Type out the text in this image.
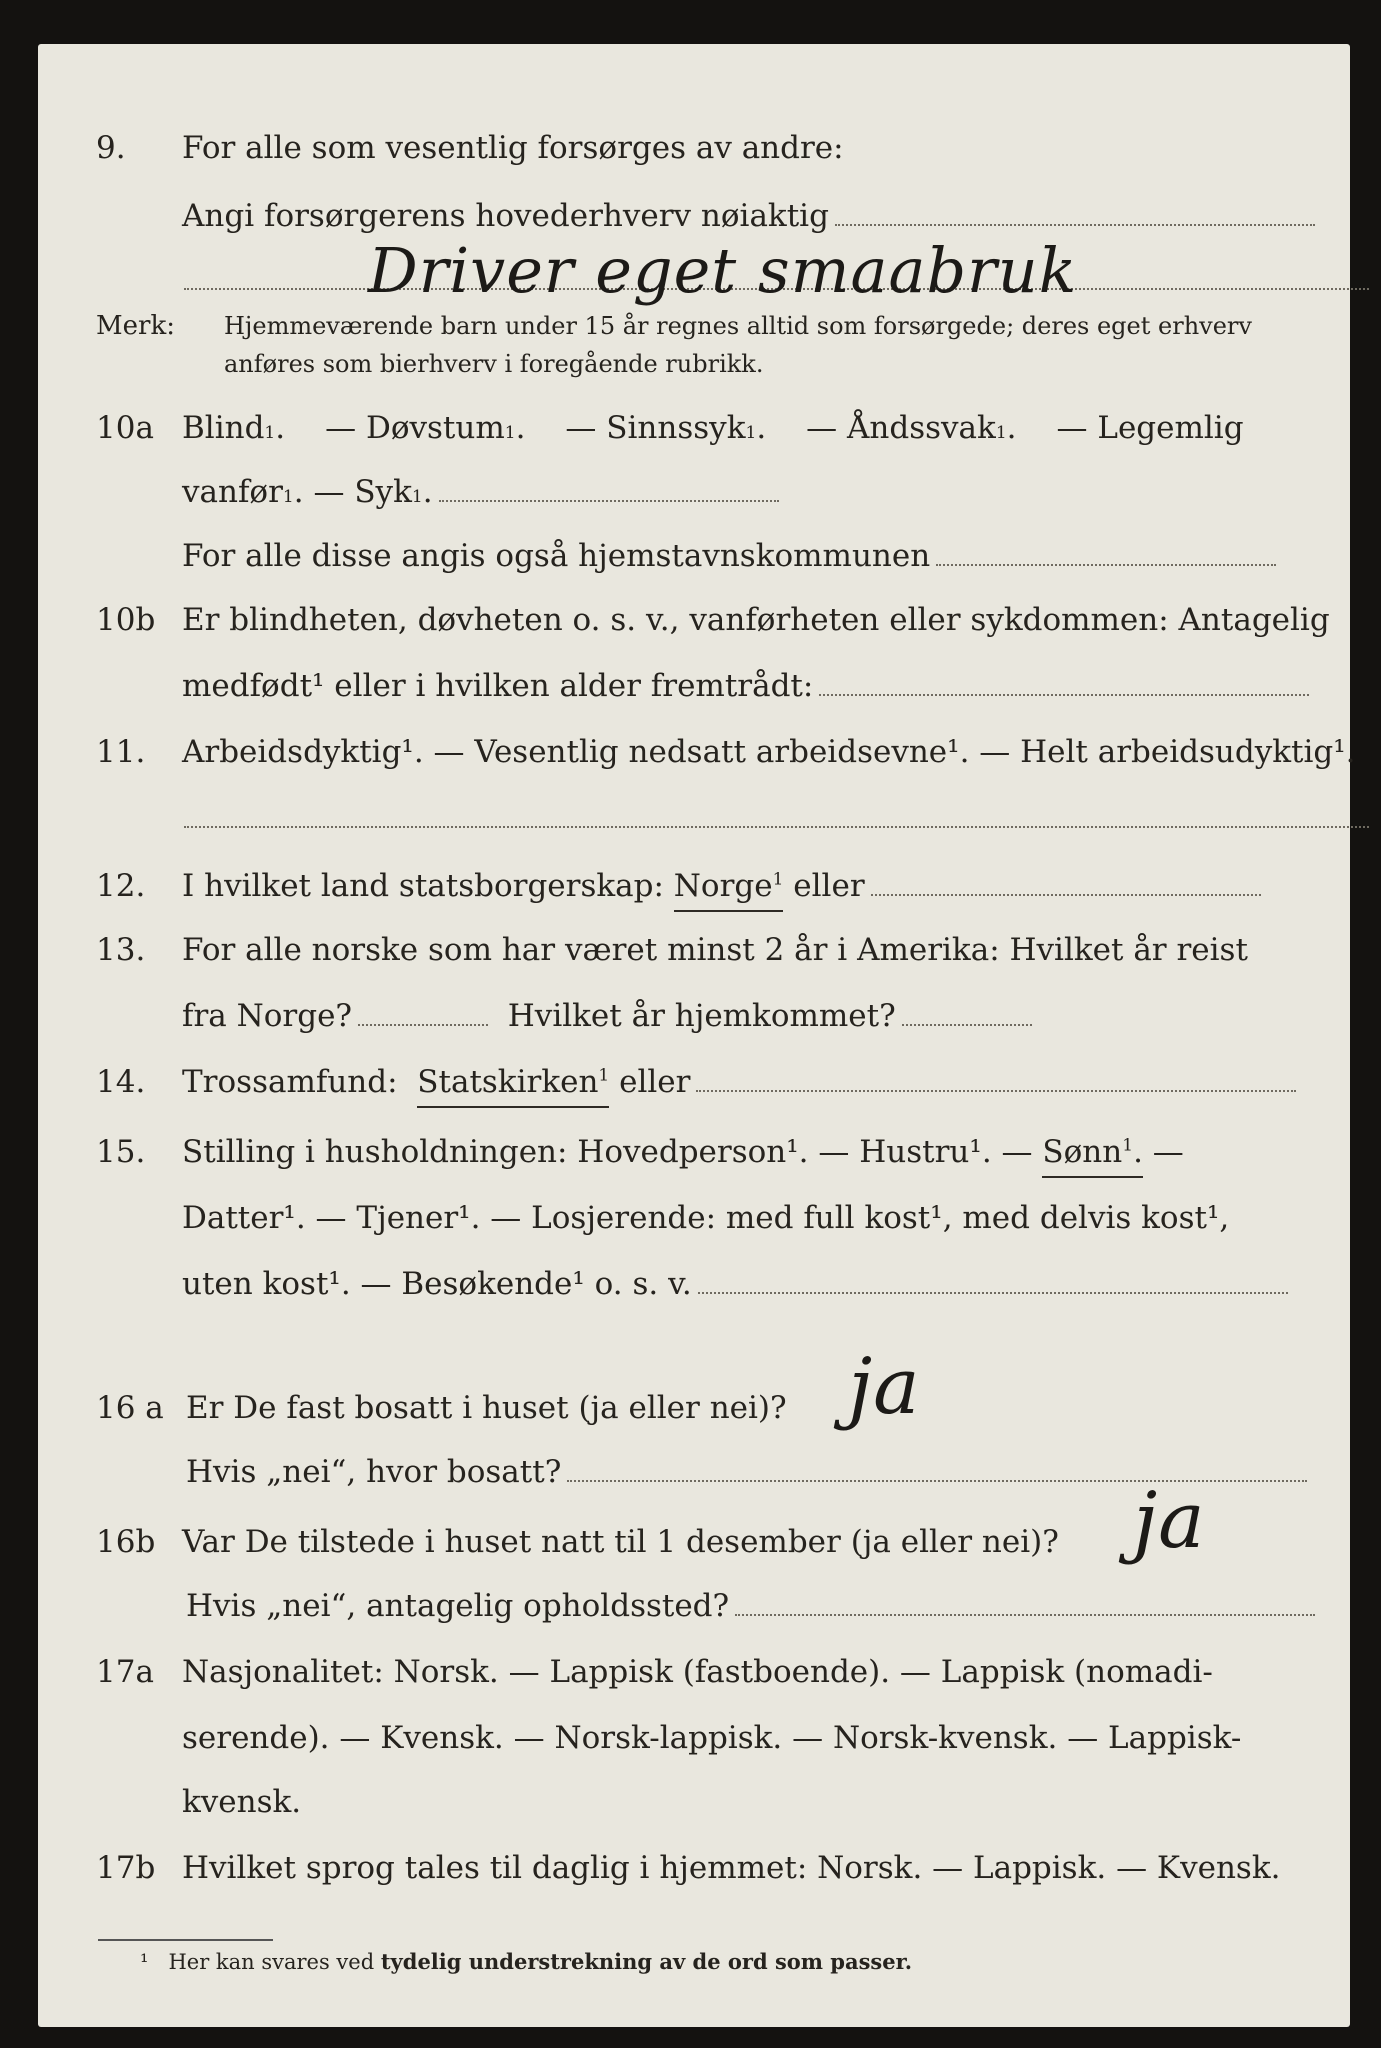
9. For alle som vesentlig forsørges av andre:
Angi forsørgerens hovederhverv nøiaktig
Driver eget smaabruk
Merk: Hjemmeværende barn under 15 år regnes alltid som forsørgede; deres eget erhverv
anføres som bierhverv i foregående rubrikk.
10a Blind 1 . — Døvstum 1 . — Sinnssyk 1 . — Åndssvak 1 . — Legemlig
vanfør 1 . — Syk 1 .
For alle disse angis også hjemstavnskommunen
10b Er blindheten, døvheten o. s. v., vanførheten eller sykdommen: Antagelig
medfødt¹ eller i hvilken alder fremtrådt:
11. Arbeidsdyktig¹. — Vesentlig nedsatt arbeidsevne¹. — Helt arbeidsudyktig¹.
12. I hvilket land statsborgerskap:
Norge$^1$
eller
13. For alle norske som har været minst 2 år i Amerika: Hvilket år reist
fra Norge?
	Hvilket år hjemkommet?
14. Trossamfund:
Statskirken$^1$
eller
15. Stilling i husholdningen: Hovedperson¹. — Hustru¹. —
Sønn$^1$.
—
Datter¹. — Tjener¹. — Losjerende: med full kost¹, med delvis kost¹,
uten kost¹. — Besøkende¹ o. s. v.
16 a Er De fast bosatt i huset (ja eller nei)? ja
Hvis „nei“, hvor bosatt?
16b Var De tilstede i huset natt til 1 desember (ja eller nei)? ja
Hvis „nei“, antagelig opholdssted?
17a Nasjonalitet: Norsk. — Lappisk (fastboende). — Lappisk (nomadi-
serende). — Kvensk. — Norsk-lappisk. — Norsk-kvensk. — Lappisk-
kvensk.
17b Hvilket sprog tales til daglig i hjemmet: Norsk. — Lappisk. — Kvensk.
¹ Her kan svares ved tydelig understrekning av de ord som passer.
